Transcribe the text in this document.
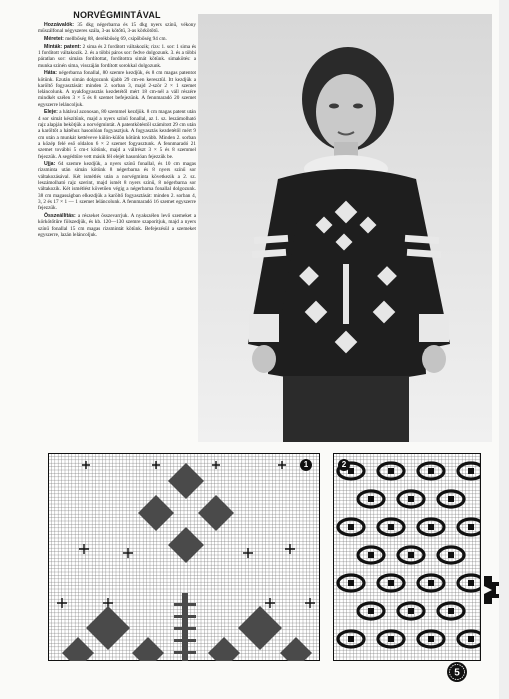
NORVÉGMINTÁVAL

Hozzávalók: 35 dkg négerbarna és 15 dkg nyers színű, vékony műszálfonal négyszeres szála, 3-as kötőtű, 3-as körkötőtű.

Méretei: mellbőség 88, derékbőség 69, csípőbőség 94 cm.

Minták: patent: 2 sima és 2 fordított váltakozik; rizs: 1. sor: 1 sima és 1 fordított váltakozik. 2. és a többi páros sor: fedve dolgozunk. 3. és a többi páratlan sor: simára fordítottat, fordítottra simát kötünk. simakötés: a munka színén sima, visszáján fordított sorokkal dolgozunk.

Háta: négerbarna fonallal, 80 szemre kezdjük, és 8 cm magas patentot kötünk. Ezután simán dolgozunk újabb 29 cm-en keresztül. Itt kezdjük a karöltő fogyasztását: minden 2. sorban 3, majd 2-ször 2 × 1 szemet leláncolunk. A nyakfogyasztás kezdetétől mért 18 cm-nél a váll részére mindkét szélen 3 × 5 és 8 szemet befejezünk. A fennmaradó 20 szemet egyszerre leláncoljuk.

Eleje: a hátával azonosan, 80 szemmel kezdjük. 8 cm magas patent után 4 sor simát készítünk, majd a nyers színű fonallal, az 1. sz. leszámolható rajz alapján bekötjük a norvégmintát. A patentkötéstől számított 29 cm után a karöltőt a hátéhoz hasonlóan fogyasztjuk. A fogyasztás kezdetétől mért 9 cm után a munkát kettéveve külön-külön kötünk tovább. Minden 2. sorban a közép felé eső oldalon 6 × 2 szemet fogyasztunk. A fennmaradó 21 szemet további 5 cm-t kötünk, majd a vállrészt 3 × 5 és 8 szemmel fejezzük. A segédtűre vett másik fél elejét hasonlóan fejezzük be.

Ujja: 64 szemre kezdjük, a nyers színű fonallal, és 10 cm magas rizsminta után simán kötünk 8 négerbarna és 8 nyers színű sor váltakozásával. Két ismétlés után a norvégminta következik a 2. sz. leszámolható rajz szerint, majd ismét 8 nyers színű, 8 négerbarna sor váltakozik. Két ismétlést követően végig a négerbarna fonallal dolgozunk. 38 cm magasságban elkezdjük a karöltő fogyasztását: minden 2. sorban 4, 3, 2 és 17 × 1 — 1 szemet leláncolunk. A fennmaradó 16 szemet egyszerre fejezzük.

Összeállítás: a részeket összevarrjuk. A nyakszélen levő szemeket a körkötőtűre fölszedjük, és kb. 120—130 szemre szaporítjuk, majd a nyers színű fonallal 15 cm magas rizsmintát kötünk. Befejezésül a szemeket egyszerre, lazán leláncoljuk.

1	2
5
